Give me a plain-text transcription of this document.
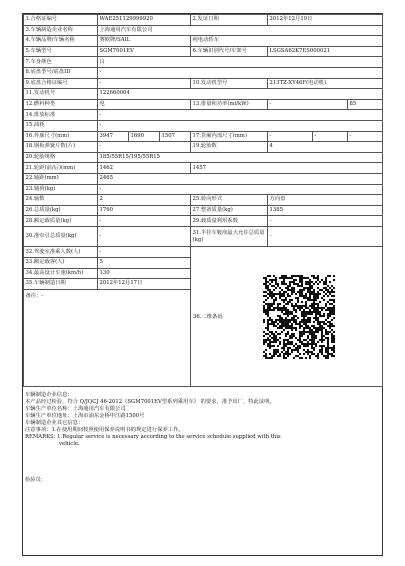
1.合格证编号	WAE251129999920			2.发证日期	2012年12月19日		
3.车辆制造企业名称	上海通用汽车有限公司						
4.车辆品牌/车辆名称	赛欧牌/SAIL			纯电动轿车			
5.车辆型号	SGM7001EV			6.车辆识别代号/车架号	LSGSA62K7ES000021		
7.车身颜色	白						
8.底盘型号/底盘ID	-						
9.底盘合格证编号	-			10.发动机型号	213TZ-XY46F(电动机)		
11.发动机号	122660004						
12.燃料种类	电			13.排量和功率(ml/kW)	-		85
14.排放标准	-						
15.油耗	-						
16.外廓尺寸(mm)	3947	1690	1507	17.货厢内部尺寸(mm)	-	-	-
18.钢板弹簧片数(片)	-			19.轮胎数	4		
20.轮胎规格	185/55R15/195/55R15						
21.轮距(前/后)(mm)	1462			1457			
22.轴距(mm)	2465						
23.轴荷(kg)	-						
24.轴数	2			25.转向形式	方向盘		
26.总质量(kg)	1760			27.整备质量(kg)	1385		
28.额定载质量(kg)	-			29.载质量利用系数	-		
30.准牵引总质量(kg)	-			31.半挂车鞍座最大允许总质量(kg)	-		
32.驾驶室准乘人数(人)	-			36.二维条码			

33.额定载客(人)	5						
34.最高设计车速(km/h)	130						
35.车辆制造日期	2012年12月17日						
备注：-							
车辆制造企业信息：
本产品经过检验，符合 Q/JQCJ 46-2012《SGM7001EV型系列乘用车》 的要求，准予出厂，特此证明。
车辆生产单位名称：上海通用汽车有限公司
车辆生产单位地址：上海市浦东金桥申江路1500号
车辆制造企业其它信息：
注意事项：1.在使用期间按照使用保养说明书的规定进行保养工作。
REMARKS: 1.Regular service is necessary according to the service schedule supplied with this
vehicle.
检验员：
